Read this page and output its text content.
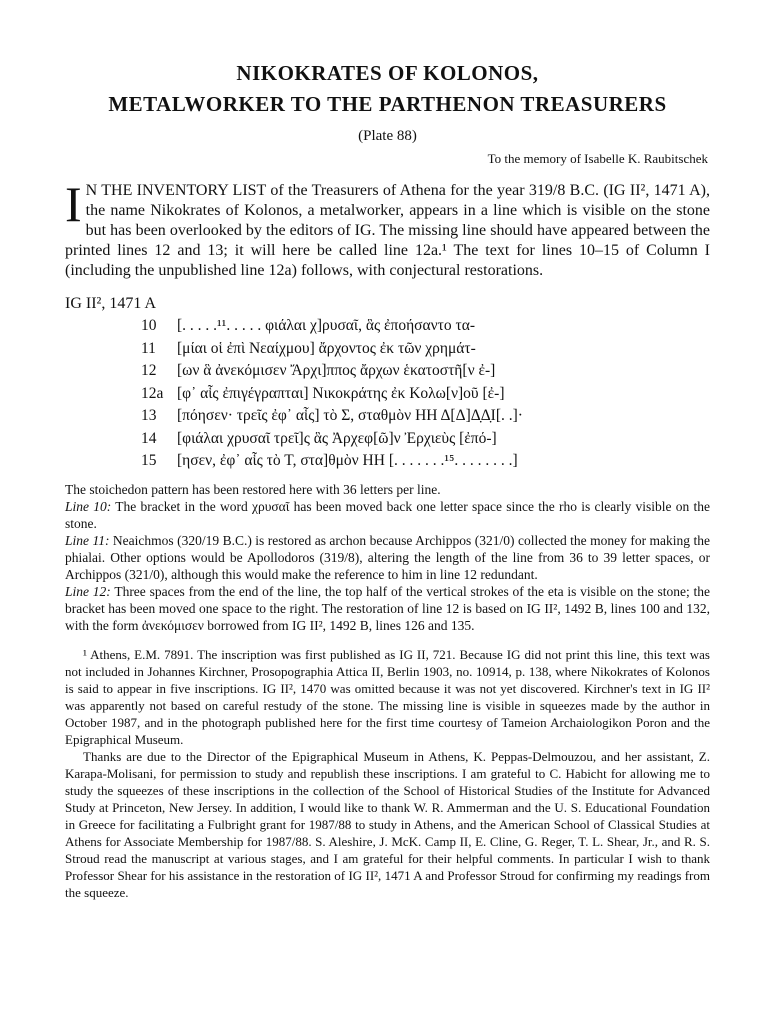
NIKOKRATES OF KOLONOS,
METALWORKER TO THE PARTHENON TREASURERS
(Plate 88)
To the memory of Isabelle K. Raubitschek

I N THE INVENTORY LIST of the Treasurers of Athena for the year 319/8 B.C. (IG II², 1471 A), the name Nikokrates of Kolonos, a metalworker, appears in a line which is visible on the stone but has been overlooked by the editors of IG. The missing line should have appeared between the printed lines 12 and 13; it will here be called line 12a.¹ The text for lines 10–15 of Column I (including the unpublished line 12a) follows, with conjectural restorations.

IG II², 1471 A
10	[. . . . .¹¹. . . . . φιάλαι χ]ρυσαῖ, ἃς ἐποήσαντο τα-
11	[μίαι οἱ ἐπὶ Νεαίχμου] ἄρχοντος ἐκ τῶν χρημάτ-
12	[ων ἃ ἀνεκόμισεν Ἄρχι]ππος ἄρχων ἑκατοστῆ[ν ἐ-]
12a [φ᾽ αἷς ἐπιγέγραπται] Νικοκράτης ἐκ Κολω[ν]οῦ [ἐ-]
13	[πόησεν· τρεῖς ἐφ᾽ αἷς] τὸ Σ, σταθμὸν ΗΗ Δ[Δ]Δ̣Δ̣Ι[. .]·
14	[φιάλαι χρυσαῖ τρεῖ]ς ἃς Ἀρχεφ[ῶ]ν Ἐρχιεὺς [ἐπό-]
15	[ησεν, ἐφ᾽ αἷς τὸ Τ, στα]θμὸν ΗΗ [. . . . . . .¹⁵. . . . . . . .]

The stoichedon pattern has been restored here with 36 letters per line.

Line 10: The bracket in the word χρυσαῖ has been moved back one letter space since the rho is clearly visible on the stone.

Line 11: Neaichmos (320/19 B.C.) is restored as archon because Archippos (321/0) collected the money for making the phialai. Other options would be Apollodoros (319/8), altering the length of the line from 36 to 39 letter spaces, or Archippos (321/0), although this would make the reference to him in line 12 redundant.

Line 12: Three spaces from the end of the line, the top half of the vertical strokes of the eta is visible on the stone; the bracket has been moved one space to the right. The restoration of line 12 is based on IG II², 1492 B, lines 100 and 132, with the form ἀνεκόμισεν borrowed from IG II², 1492 B, lines 126 and 135.

¹ Athens, E.M. 7891. The inscription was first published as IG II, 721. Because IG did not print this line, this text was not included in Johannes Kirchner, Prosopographia Attica II, Berlin 1903, no. 10914, p. 138, where Nikokrates of Kolonos is said to appear in five inscriptions. IG II², 1470 was omitted because it was not yet discovered. Kirchner's text in IG II² was apparently not based on careful restudy of the stone. The missing line is visible in squeezes made by the author in October 1987, and in the photograph published here for the first time courtesy of Tameion Archaiologikon Poron and the Epigraphical Museum.

Thanks are due to the Director of the Epigraphical Museum in Athens, K. Peppas-Delmouzou, and her assistant, Z. Karapa-Molisani, for permission to study and republish these inscriptions. I am grateful to C. Habicht for allowing me to study the squeezes of these inscriptions in the collection of the School of Historical Studies of the Institute for Advanced Study at Princeton, New Jersey. In addition, I would like to thank W. R. Ammerman and the U. S. Educational Foundation in Greece for facilitating a Fulbright grant for 1987/88 to study in Athens, and the American School of Classical Studies at Athens for Associate Membership for 1987/88. S. Aleshire, J. McK. Camp II, E. Cline, G. Reger, T. L. Shear, Jr., and R. S. Stroud read the manuscript at various stages, and I am grateful for their helpful comments. In particular I wish to thank Professor Shear for his assistance in the restoration of IG II², 1471 A and Professor Stroud for confirming my readings from the squeeze.
